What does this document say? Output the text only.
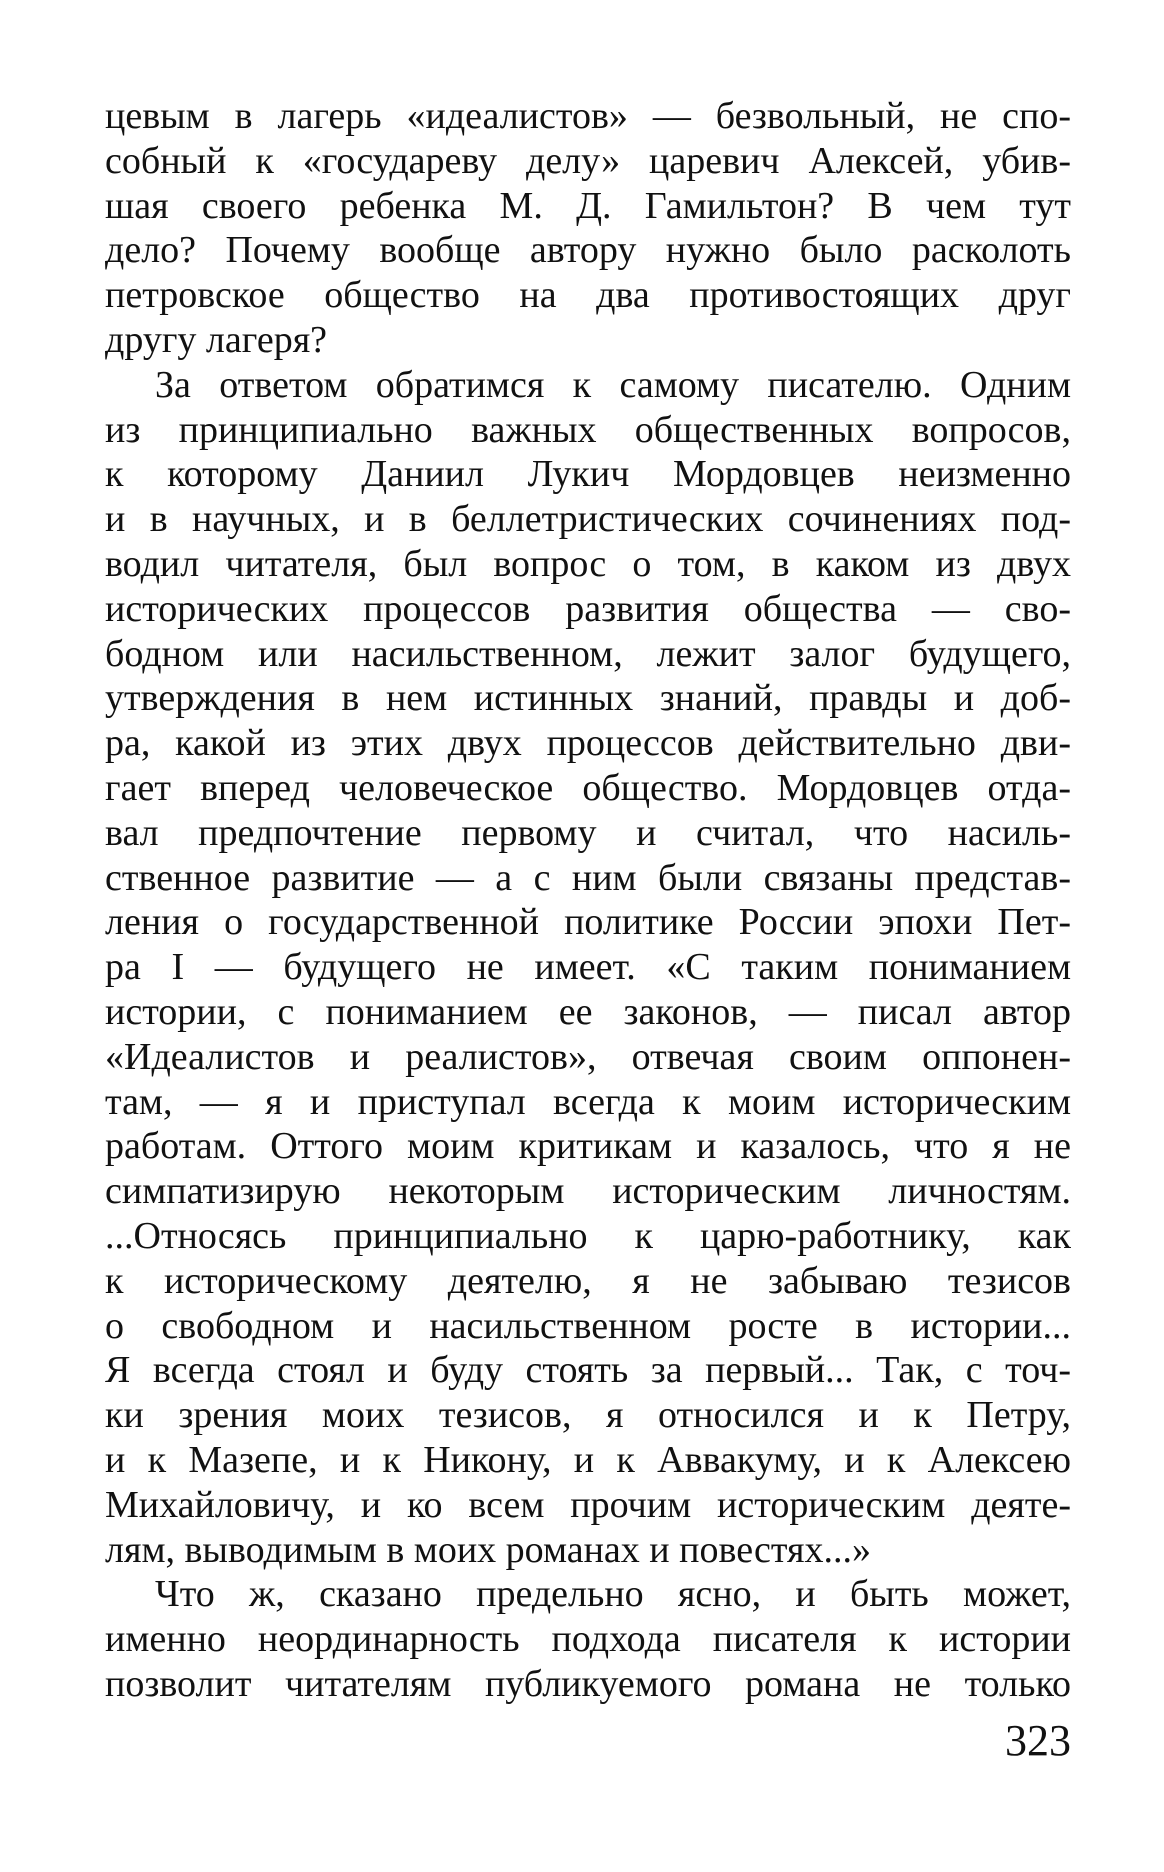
цевым в лагерь «идеалистов» — безвольный, не спо-
собный к «государеву делу» царевич Алексей, убив-
шая своего ребенка М. Д. Гамильтон? В чем тут
дело? Почему вообще автору нужно было расколоть
петровское общество на два противостоящих друг
другу лагеря?
За ответом обратимся к самому писателю. Одним
из принципиально важных общественных вопросов,
к которому Даниил Лукич Мордовцев неизменно
и в научных, и в беллетристических сочинениях под-
водил читателя, был вопрос о том, в каком из двух
исторических процессов развития общества — сво-
бодном или насильственном, лежит залог будущего,
утверждения в нем истинных знаний, правды и доб-
ра, какой из этих двух процессов действительно дви-
гает вперед человеческое общество. Мордовцев отда-
вал предпочтение первому и считал, что насиль-
ственное развитие — а с ним были связаны представ-
ления о государственной политике России эпохи Пет-
ра I — будущего не имеет. «С таким пониманием
истории, с пониманием ее законов, — писал автор
«Идеалистов и реалистов», отвечая своим оппонен-
там, — я и приступал всегда к моим историческим
работам. Оттого моим критикам и казалось, что я не
симпатизирую некоторым историческим личностям.
...Относясь принципиально к царю-работнику, как
к историческому деятелю, я не забываю тезисов
о свободном и насильственном росте в истории...
Я всегда стоял и буду стоять за первый... Так, с точ-
ки зрения моих тезисов, я относился и к Петру,
и к Мазепе, и к Никону, и к Аввакуму, и к Алексею
Михайловичу, и ко всем прочим историческим деяте-
лям, выводимым в моих романах и повестях...»
Что ж, сказано предельно ясно, и быть может,
именно неординарность подхода писателя к истории
позволит читателям публикуемого романа не только
323
